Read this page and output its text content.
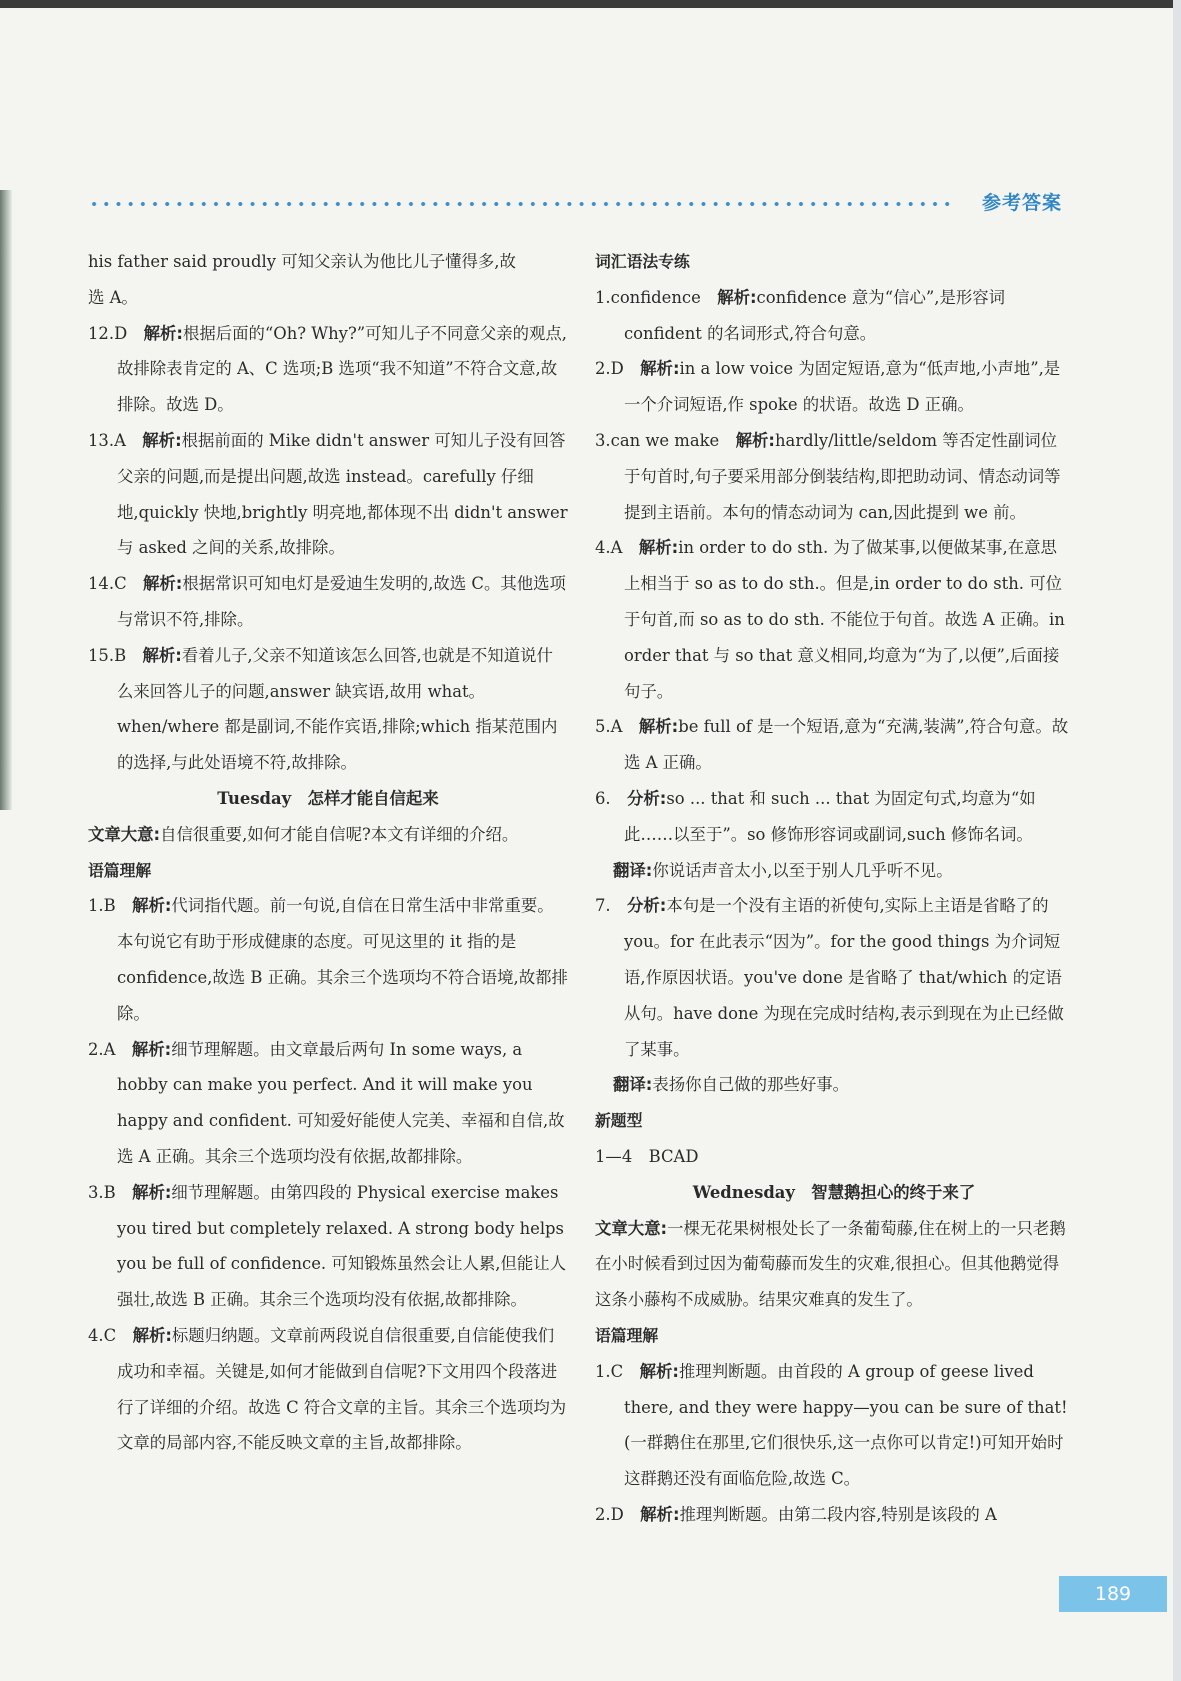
参考答案

his father said proudly 可知父亲认为他比儿子懂得多,故

选 A。

12.D  解析:根据后面的“Oh? Why?”可知儿子不同意父亲的观点,故排除表肯定的 A、C 选项;B 选项“我不知道”不符合文意,故排除。故选 D。

13.A  解析:根据前面的 Mike didn't answer 可知儿子没有回答父亲的问题,而是提出问题,故选 instead。carefully 仔细地,quickly 快地,brightly 明亮地,都体现不出 didn't answer 与 asked 之间的关系,故排除。

14.C  解析:根据常识可知电灯是爱迪生发明的,故选 C。其他选项与常识不符,排除。

15.B  解析:看着儿子,父亲不知道该怎么回答,也就是不知道说什么来回答儿子的问题,answer 缺宾语,故用 what。when/where 都是副词,不能作宾语,排除;which 指某范围内的选择,与此处语境不符,故排除。

Tuesday　怎样才能自信起来

文章大意:自信很重要,如何才能自信呢?本文有详细的介绍。

语篇理解

1.B  解析:代词指代题。前一句说,自信在日常生活中非常重要。本句说它有助于形成健康的态度。可见这里的 it 指的是 confidence,故选 B 正确。其余三个选项均不符合语境,故都排除。

2.A  解析:细节理解题。由文章最后两句 In some ways, a hobby can make you perfect. And it will make you happy and confident. 可知爱好能使人完美、幸福和自信,故选 A 正确。其余三个选项均没有依据,故都排除。

3.B  解析:细节理解题。由第四段的 Physical exercise makes you tired but completely relaxed. A strong body helps you be full of confidence. 可知锻炼虽然会让人累,但能让人强壮,故选 B 正确。其余三个选项均没有依据,故都排除。

4.C  解析:标题归纳题。文章前两段说自信很重要,自信能使我们成功和幸福。关键是,如何才能做到自信呢?下文用四个段落进行了详细的介绍。故选 C 符合文章的主旨。其余三个选项均为文章的局部内容,不能反映文章的主旨,故都排除。

词汇语法专练

1.confidence  解析:confidence 意为“信心”,是形容词 confident 的名词形式,符合句意。

2.D  解析:in a low voice 为固定短语,意为“低声地,小声地”,是一个介词短语,作 spoke 的状语。故选 D 正确。

3.can we make  解析:hardly/little/seldom 等否定性副词位于句首时,句子要采用部分倒装结构,即把助动词、情态动词等提到主语前。本句的情态动词为 can,因此提到 we 前。

4.A  解析:in order to do sth. 为了做某事,以便做某事,在意思上相当于 so as to do sth.。但是,in order to do sth. 可位于句首,而 so as to do sth. 不能位于句首。故选 A 正确。in order that 与 so that 意义相同,均意为“为了,以便”,后面接句子。

5.A  解析:be full of 是一个短语,意为“充满,装满”,符合句意。故选 A 正确。

6.  分析:so ... that 和 such ... that 为固定句式,均意为“如此……以至于”。so 修饰形容词或副词,such 修饰名词。

翻译:你说话声音太小,以至于别人几乎听不见。

7.  分析:本句是一个没有主语的祈使句,实际上主语是省略了的 you。for 在此表示“因为”。for the good things 为介词短语,作原因状语。you've done 是省略了 that/which 的定语从句。have done 为现在完成时结构,表示到现在为止已经做了某事。

翻译:表扬你自己做的那些好事。

新题型

1—4　BCAD

Wednesday　智慧鹅担心的终于来了

文章大意:一棵无花果树根处长了一条葡萄藤,住在树上的一只老鹅在小时候看到过因为葡萄藤而发生的灾难,很担心。但其他鹅觉得这条小藤构不成威胁。结果灾难真的发生了。

语篇理解

1.C  解析:推理判断题。由首段的 A group of geese lived there, and they were happy—you can be sure of that!(一群鹅住在那里,它们很快乐,这一点你可以肯定!)可知开始时这群鹅还没有面临危险,故选 C。

2.D  解析:推理判断题。由第二段内容,特别是该段的 A

189
